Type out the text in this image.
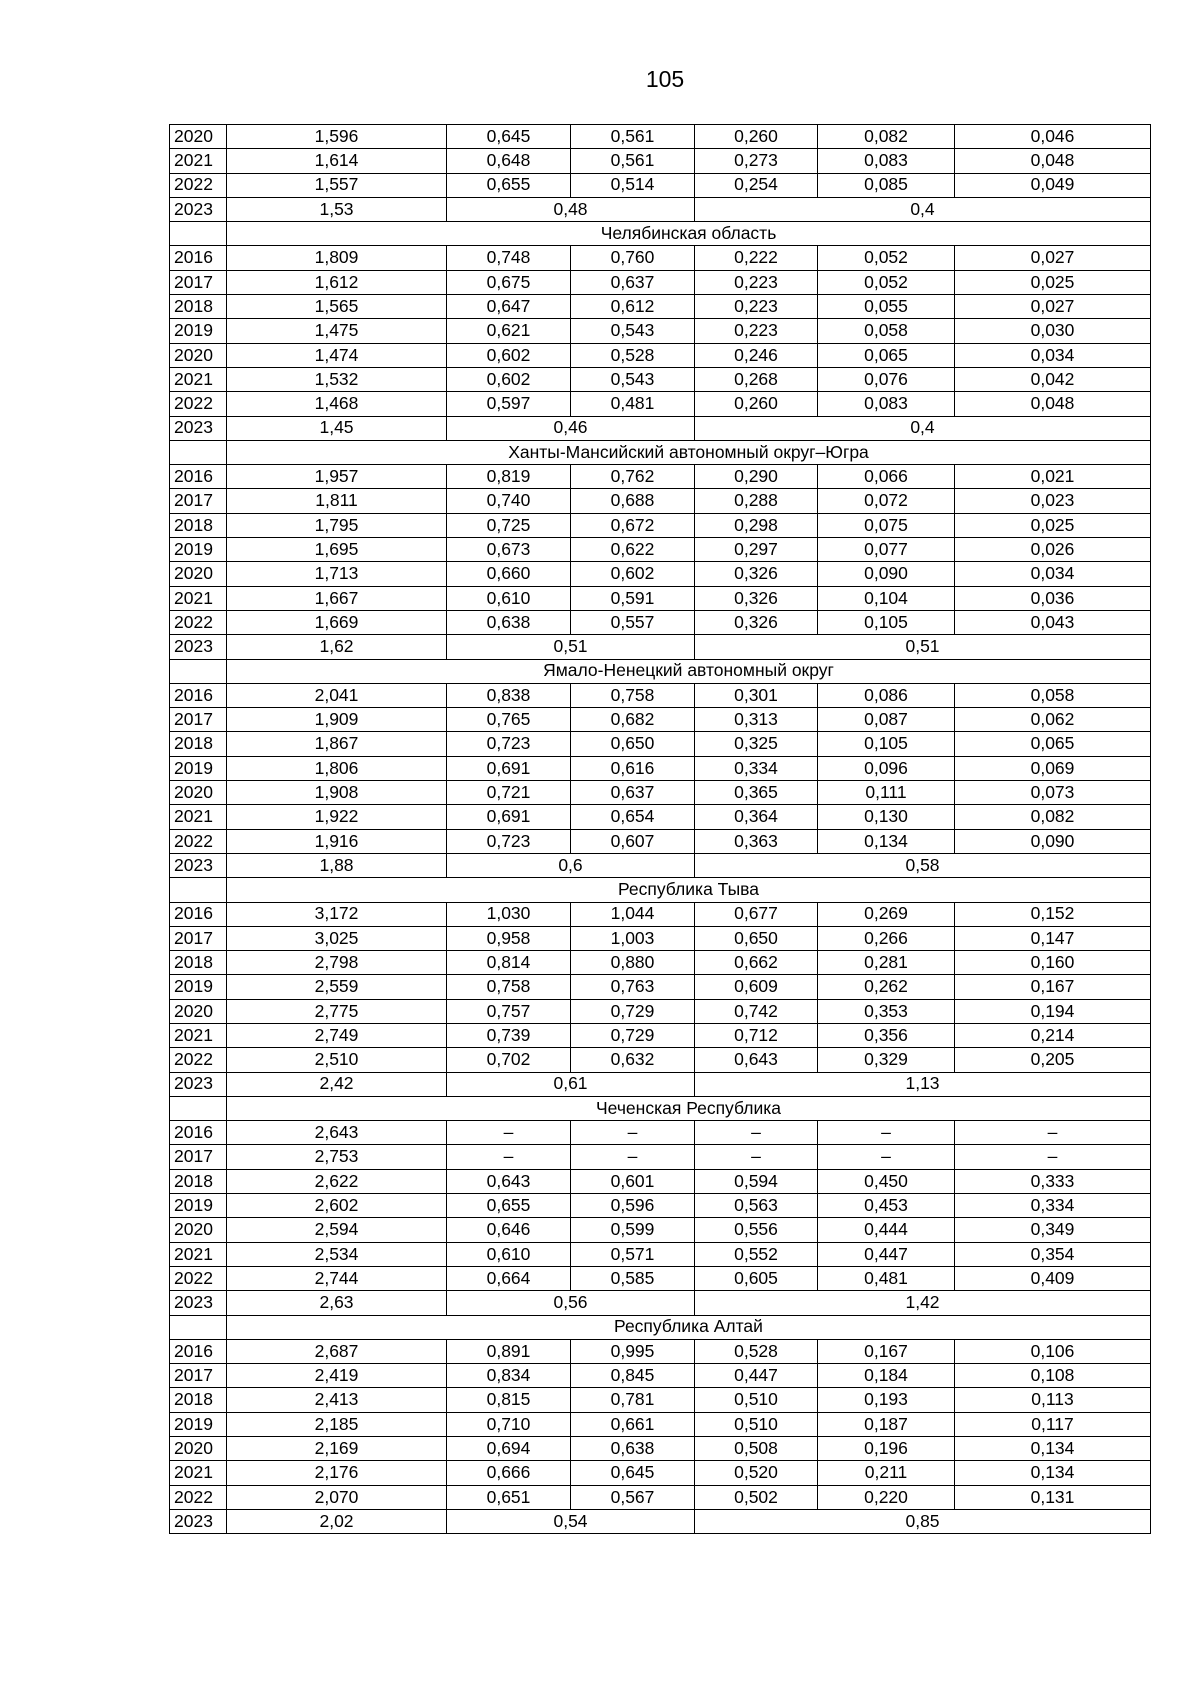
105
2020	1,596	0,645	0,561	0,260	0,082	0,046
2021	1,614	0,648	0,561	0,273	0,083	0,048
2022	1,557	0,655	0,514	0,254	0,085	0,049
2023	1,53	0,48		0,4		
	Челябинская область					
2016	1,809	0,748	0,760	0,222	0,052	0,027
2017	1,612	0,675	0,637	0,223	0,052	0,025
2018	1,565	0,647	0,612	0,223	0,055	0,027
2019	1,475	0,621	0,543	0,223	0,058	0,030
2020	1,474	0,602	0,528	0,246	0,065	0,034
2021	1,532	0,602	0,543	0,268	0,076	0,042
2022	1,468	0,597	0,481	0,260	0,083	0,048
2023	1,45	0,46		0,4		
	Ханты-Мансийский автономный округ–Югра					
2016	1,957	0,819	0,762	0,290	0,066	0,021
2017	1,811	0,740	0,688	0,288	0,072	0,023
2018	1,795	0,725	0,672	0,298	0,075	0,025
2019	1,695	0,673	0,622	0,297	0,077	0,026
2020	1,713	0,660	0,602	0,326	0,090	0,034
2021	1,667	0,610	0,591	0,326	0,104	0,036
2022	1,669	0,638	0,557	0,326	0,105	0,043
2023	1,62	0,51		0,51		
	Ямало-Ненецкий автономный округ					
2016	2,041	0,838	0,758	0,301	0,086	0,058
2017	1,909	0,765	0,682	0,313	0,087	0,062
2018	1,867	0,723	0,650	0,325	0,105	0,065
2019	1,806	0,691	0,616	0,334	0,096	0,069
2020	1,908	0,721	0,637	0,365	0,111	0,073
2021	1,922	0,691	0,654	0,364	0,130	0,082
2022	1,916	0,723	0,607	0,363	0,134	0,090
2023	1,88	0,6		0,58		
	Республика Тыва					
2016	3,172	1,030	1,044	0,677	0,269	0,152
2017	3,025	0,958	1,003	0,650	0,266	0,147
2018	2,798	0,814	0,880	0,662	0,281	0,160
2019	2,559	0,758	0,763	0,609	0,262	0,167
2020	2,775	0,757	0,729	0,742	0,353	0,194
2021	2,749	0,739	0,729	0,712	0,356	0,214
2022	2,510	0,702	0,632	0,643	0,329	0,205
2023	2,42	0,61		1,13		
	Чеченская Республика					
2016	2,643	–	–	–	–	–
2017	2,753	–	–	–	–	–
2018	2,622	0,643	0,601	0,594	0,450	0,333
2019	2,602	0,655	0,596	0,563	0,453	0,334
2020	2,594	0,646	0,599	0,556	0,444	0,349
2021	2,534	0,610	0,571	0,552	0,447	0,354
2022	2,744	0,664	0,585	0,605	0,481	0,409
2023	2,63	0,56		1,42		
	Республика Алтай					
2016	2,687	0,891	0,995	0,528	0,167	0,106
2017	2,419	0,834	0,845	0,447	0,184	0,108
2018	2,413	0,815	0,781	0,510	0,193	0,113
2019	2,185	0,710	0,661	0,510	0,187	0,117
2020	2,169	0,694	0,638	0,508	0,196	0,134
2021	2,176	0,666	0,645	0,520	0,211	0,134
2022	2,070	0,651	0,567	0,502	0,220	0,131
2023	2,02	0,54		0,85		
